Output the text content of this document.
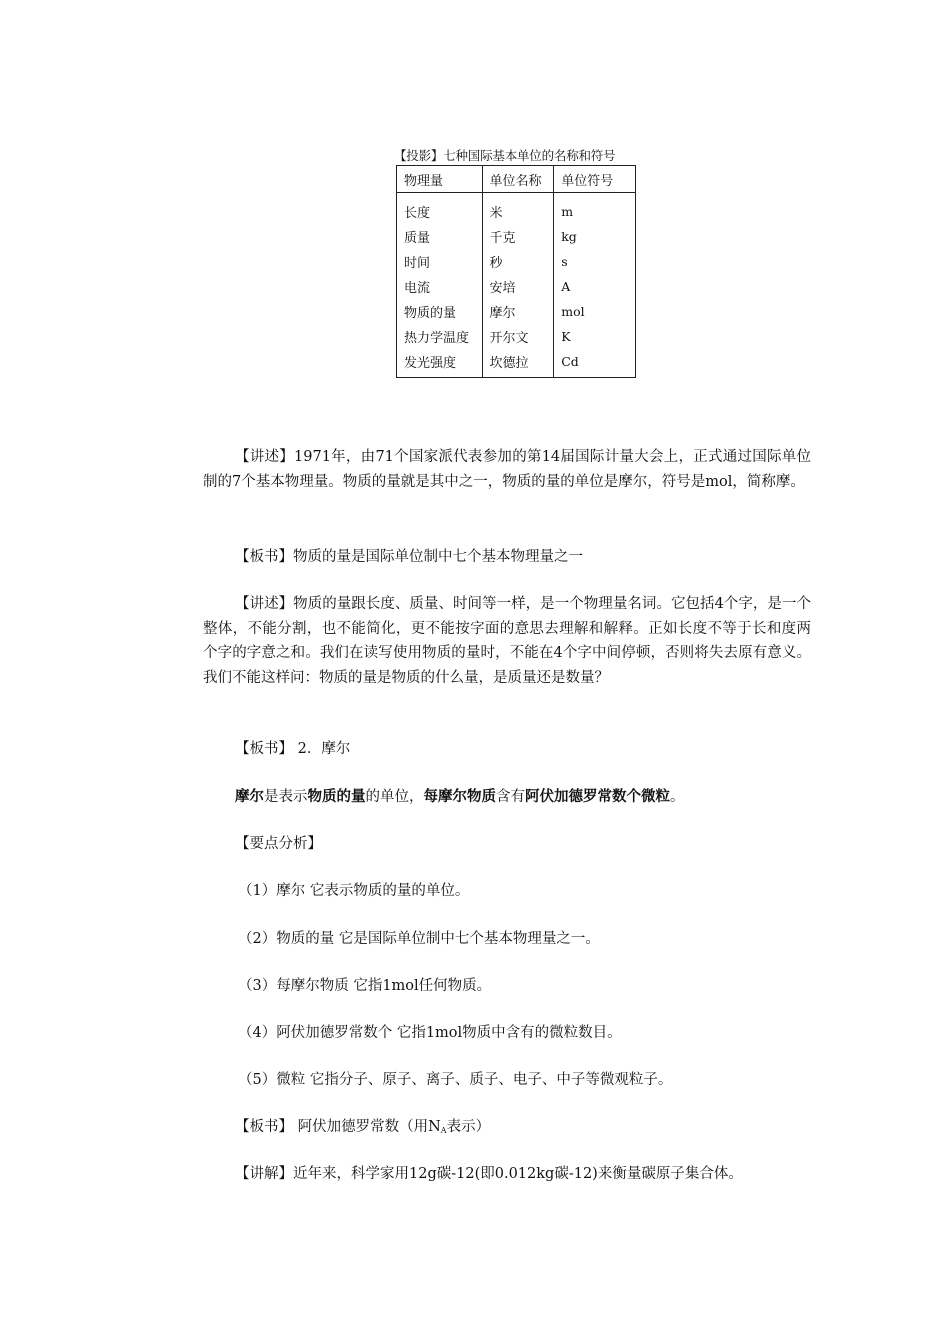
【投影】七种国际基本单位的名称和符号
物理量	单位名称	单位符号
长度	米	m
质量	千克	kg
时间	秒	s
电流	安培	A
物质的量	摩尔	mol
热力学温度	开尔文	K
发光强度	坎德拉	Cd

【讲述】1971年，由71个国家派代表参加的第14届国际计量大会上，正式通过国际单位制的7个基本物理量。物质的量就是其中之一，物质的量的单位是摩尔，符号是mol，简称摩。

【板书】物质的量是国际单位制中七个基本物理量之一

【讲述】物质的量跟长度、质量、时间等一样，是一个物理量名词。它包括4个字，是一个整体，不能分割，也不能简化，更不能按字面的意思去理解和解释。正如长度不等于长和度两个字的字意之和。我们在读写使用物质的量时，不能在4个字中间停顿，否则将失去原有意义。我们不能这样问：物质的量是物质的什么量，是质量还是数量？

【板书】 2．摩尔

摩尔是表示物质的量的单位，每摩尔物质含有阿伏加德罗常数个微粒。

【要点分析】

（1）摩尔 它表示物质的量的单位。

（2）物质的量 它是国际单位制中七个基本物理量之一。

（3）每摩尔物质 它指1mol任何物质。

（4）阿伏加德罗常数个 它指1mol物质中含有的微粒数目。

（5）微粒 它指分子、原子、离子、质子、电子、中子等微观粒子。

【板书】 阿伏加德罗常数（用$N_A$表示）

【讲解】近年来，科学家用12g碳-12(即0.012kg碳-12)来衡量碳原子集合体。
